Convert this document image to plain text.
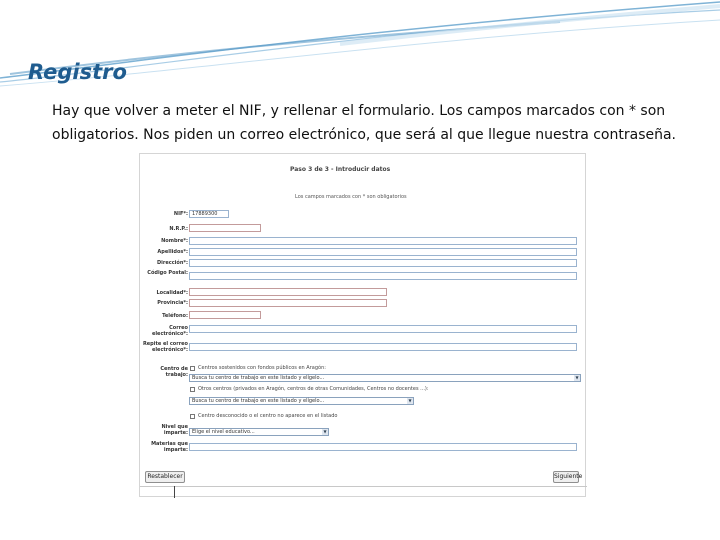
Registro
Hay que volver a meter el NIF, y rellenar el formulario. Los campos marcados con * son obligatorios. Nos piden un correo electrónico, que será al que llegue nuestra contraseña.
Paso 3 de 3 - Introducir datos
Los campos marcados con * son obligatorios
NIF*: 17889300
N.R.P.:
Nombre*:
Apellidos*:
Dirección*:
Código Postal:
Localidad*:
Provincia*:
Teléfono:
Correo electrónico*:
Repite el correo electrónico*:
Centro de trabajo:
Centros sostenidos con fondos públicos en Aragón:
Busca tu centro de trabajo en este listado y elígelo...	▼
Otros centros (privados en Aragón, centros de otras Comunidades, Centros no docentes ...):
Busca tu centro de trabajo en este listado y elígelo...	▼
Centro desconocido o el centro no aparece en el listado
Nivel que imparte: Elige el nivel educativo...	▼
Materias que imparte:
Restablecer	Siguiente
